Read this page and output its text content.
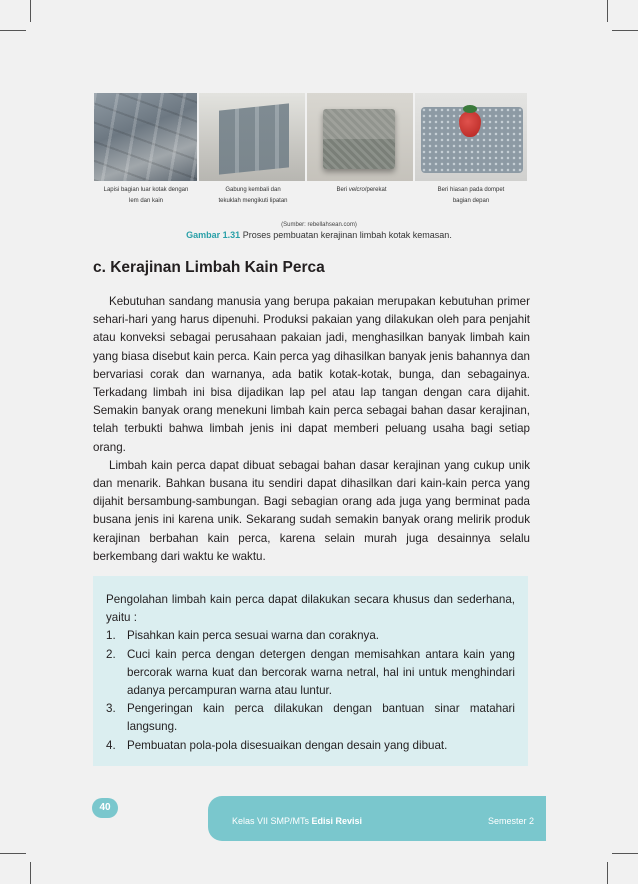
Lapisi bagian luar kotak dengan
lem dan kain
Gabung kembali dan
tekuklah mengikuti lipatan
Beri velcro/perekat	Beri hiasan pada dompet
bagian depan
(Sumber: rebellahsean.com)
Gambar 1.31 Proses pembuatan kerajinan limbah kotak kemasan.
c. Kerajinan Limbah Kain Perca

Kebutuhan sandang manusia yang berupa pakaian merupakan kebutuhan primer sehari-hari yang harus dipenuhi. Produksi pakaian yang dilakukan oleh para penjahit atau konveksi sebagai perusahaan pakaian jadi, menghasilkan banyak limbah kain yang biasa disebut kain perca. Kain perca yag dihasilkan banyak jenis bahannya dan bervariasi corak dan warnanya, ada batik kotak-kotak, bunga, dan sebagainya. Terkadang limbah ini bisa dijadikan lap pel atau lap tangan dengan cara dijahit. Semakin banyak orang menekuni limbah kain perca sebagai bahan dasar kerajinan, telah terbukti bahwa limbah jenis ini dapat memberi peluang usaha bagi setiap orang.

Limbah kain perca dapat dibuat sebagai bahan dasar kerajinan yang cukup unik dan menarik. Bahkan busana itu sendiri dapat dihasilkan dari kain-kain perca yang dijahit bersambung-sambungan. Bagi sebagian orang ada juga yang berminat pada busana jenis ini karena unik. Sekarang sudah semakin banyak orang melirik produk kerajinan berbahan kain perca, karena selain murah juga desainnya selalu berkembang dari waktu ke waktu.

Pengolahan limbah kain perca dapat dilakukan secara khusus dan sederhana, yaitu :

1. Pisahkan kain perca sesuai warna dan coraknya.
2. Cuci kain perca dengan detergen dengan memisahkan antara kain yang bercorak warna kuat dan bercorak warna netral, hal ini untuk menghindari adanya percampuran warna atau luntur.
3. Pengeringan kain perca dilakukan dengan bantuan sinar matahari langsung.
4. Pembuatan pola-pola disesuaikan dengan desain yang dibuat.
40
Kelas VII SMP/MTs Edisi Revisi	Semester 2
